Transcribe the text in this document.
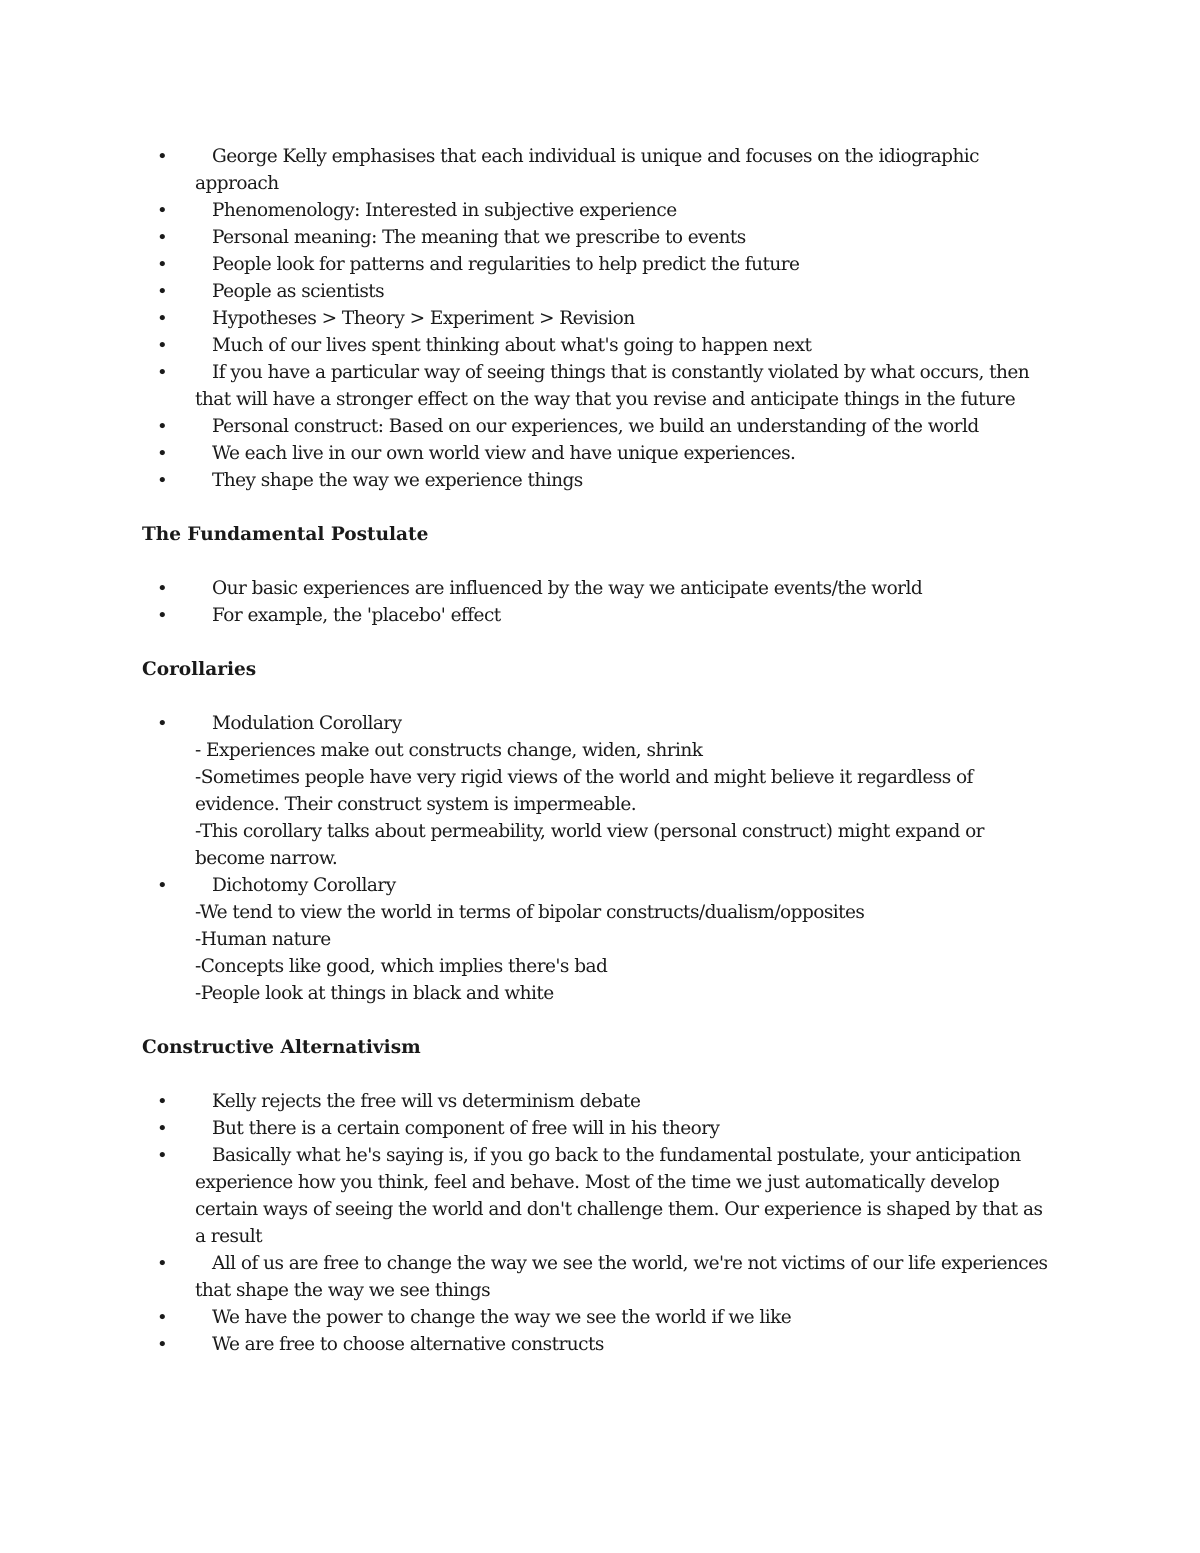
•	George Kelly emphasises that each individual is unique and focuses on the idiographic approach
•	Phenomenology: Interested in subjective experience
•	Personal meaning: The meaning that we prescribe to events
•	People look for patterns and regularities to help predict the future
•	People as scientists
•	Hypotheses > Theory > Experiment > Revision
•	Much of our lives spent thinking about what's going to happen next
•	If you have a particular way of seeing things that is constantly violated by what occurs, then that will have a stronger effect on the way that you revise and anticipate things in the future
•	Personal construct: Based on our experiences, we build an understanding of the world
•	We each live in our own world view and have unique experiences.
•	They shape the way we experience things
The Fundamental Postulate
•	Our basic experiences are influenced by the way we anticipate events/the world
•	For example, the 'placebo' effect
Corollaries
•	Modulation Corollary
- Experiences make out constructs change, widen, shrink
-Sometimes people have very rigid views of the world and might believe it regardless of evidence. Their construct system is impermeable.
-This corollary talks about permeability, world view (personal construct) might expand or become narrow.
•	Dichotomy Corollary
-We tend to view the world in terms of bipolar constructs/dualism/opposites
-Human nature
-Concepts like good, which implies there's bad
-People look at things in black and white
Constructive Alternativism
•	Kelly rejects the free will vs determinism debate
•	But there is a certain component of free will in his theory
•	Basically what he's saying is, if you go back to the fundamental postulate, your anticipation experience how you think, feel and behave. Most of the time we just automatically develop certain ways of seeing the world and don't challenge them. Our experience is shaped by that as a result
•	All of us are free to change the way we see the world, we're not victims of our life experiences that shape the way we see things
•	We have the power to change the way we see the world if we like
•	We are free to choose alternative constructs
